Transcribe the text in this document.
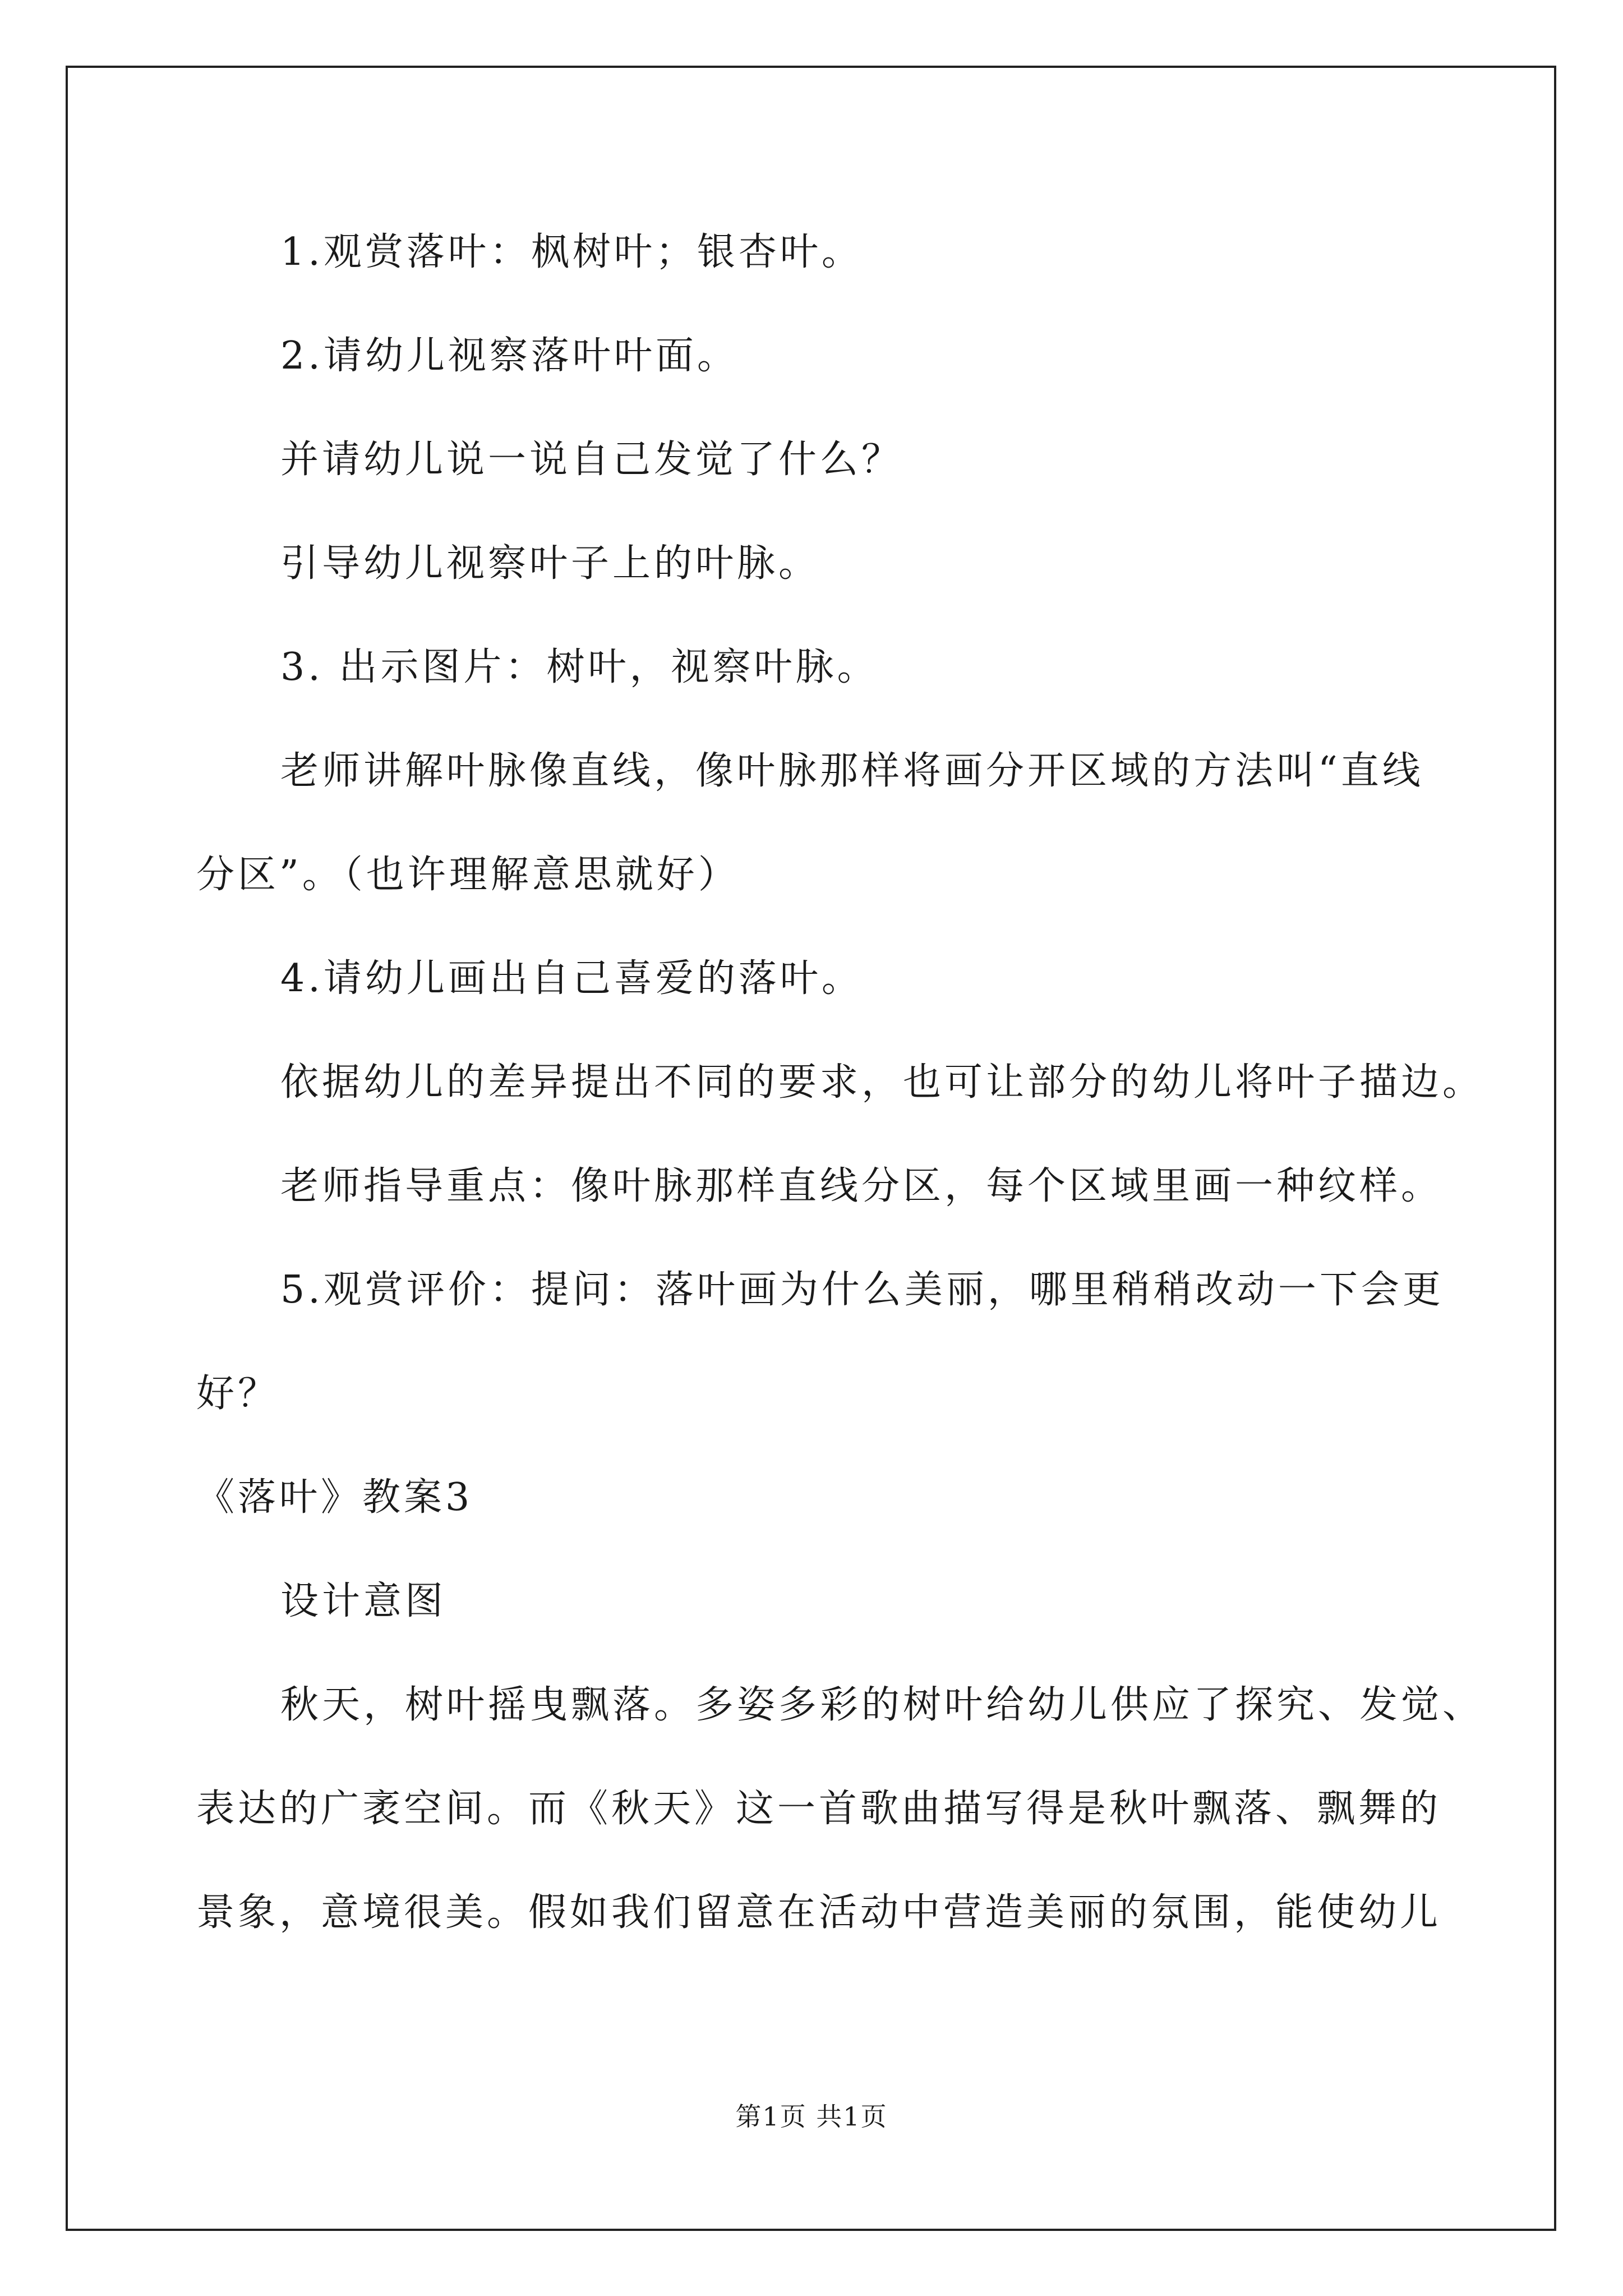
1.观赏落叶：枫树叶；银杏叶。
2.请幼儿视察落叶叶面。
并请幼儿说一说自己发觉了什么？
引导幼儿视察叶子上的叶脉。
3. 出示图片：树叶，视察叶脉。
老师讲解叶脉像直线，像叶脉那样将画分开区域的方法叫“直线
分区”。（也许理解意思就好）
4.请幼儿画出自己喜爱的落叶。
依据幼儿的差异提出不同的要求，也可让部分的幼儿将叶子描边。
老师指导重点：像叶脉那样直线分区，每个区域里画一种纹样。
5.观赏评价：提问：落叶画为什么美丽，哪里稍稍改动一下会更
好？
《落叶》教案3
设计意图
秋天，树叶摇曳飘落。多姿多彩的树叶给幼儿供应了探究、发觉、
表达的广袤空间。而《秋天》这一首歌曲描写得是秋叶飘落、飘舞的
景象，意境很美。假如我们留意在活动中营造美丽的氛围，能使幼儿
第1页 共1页
